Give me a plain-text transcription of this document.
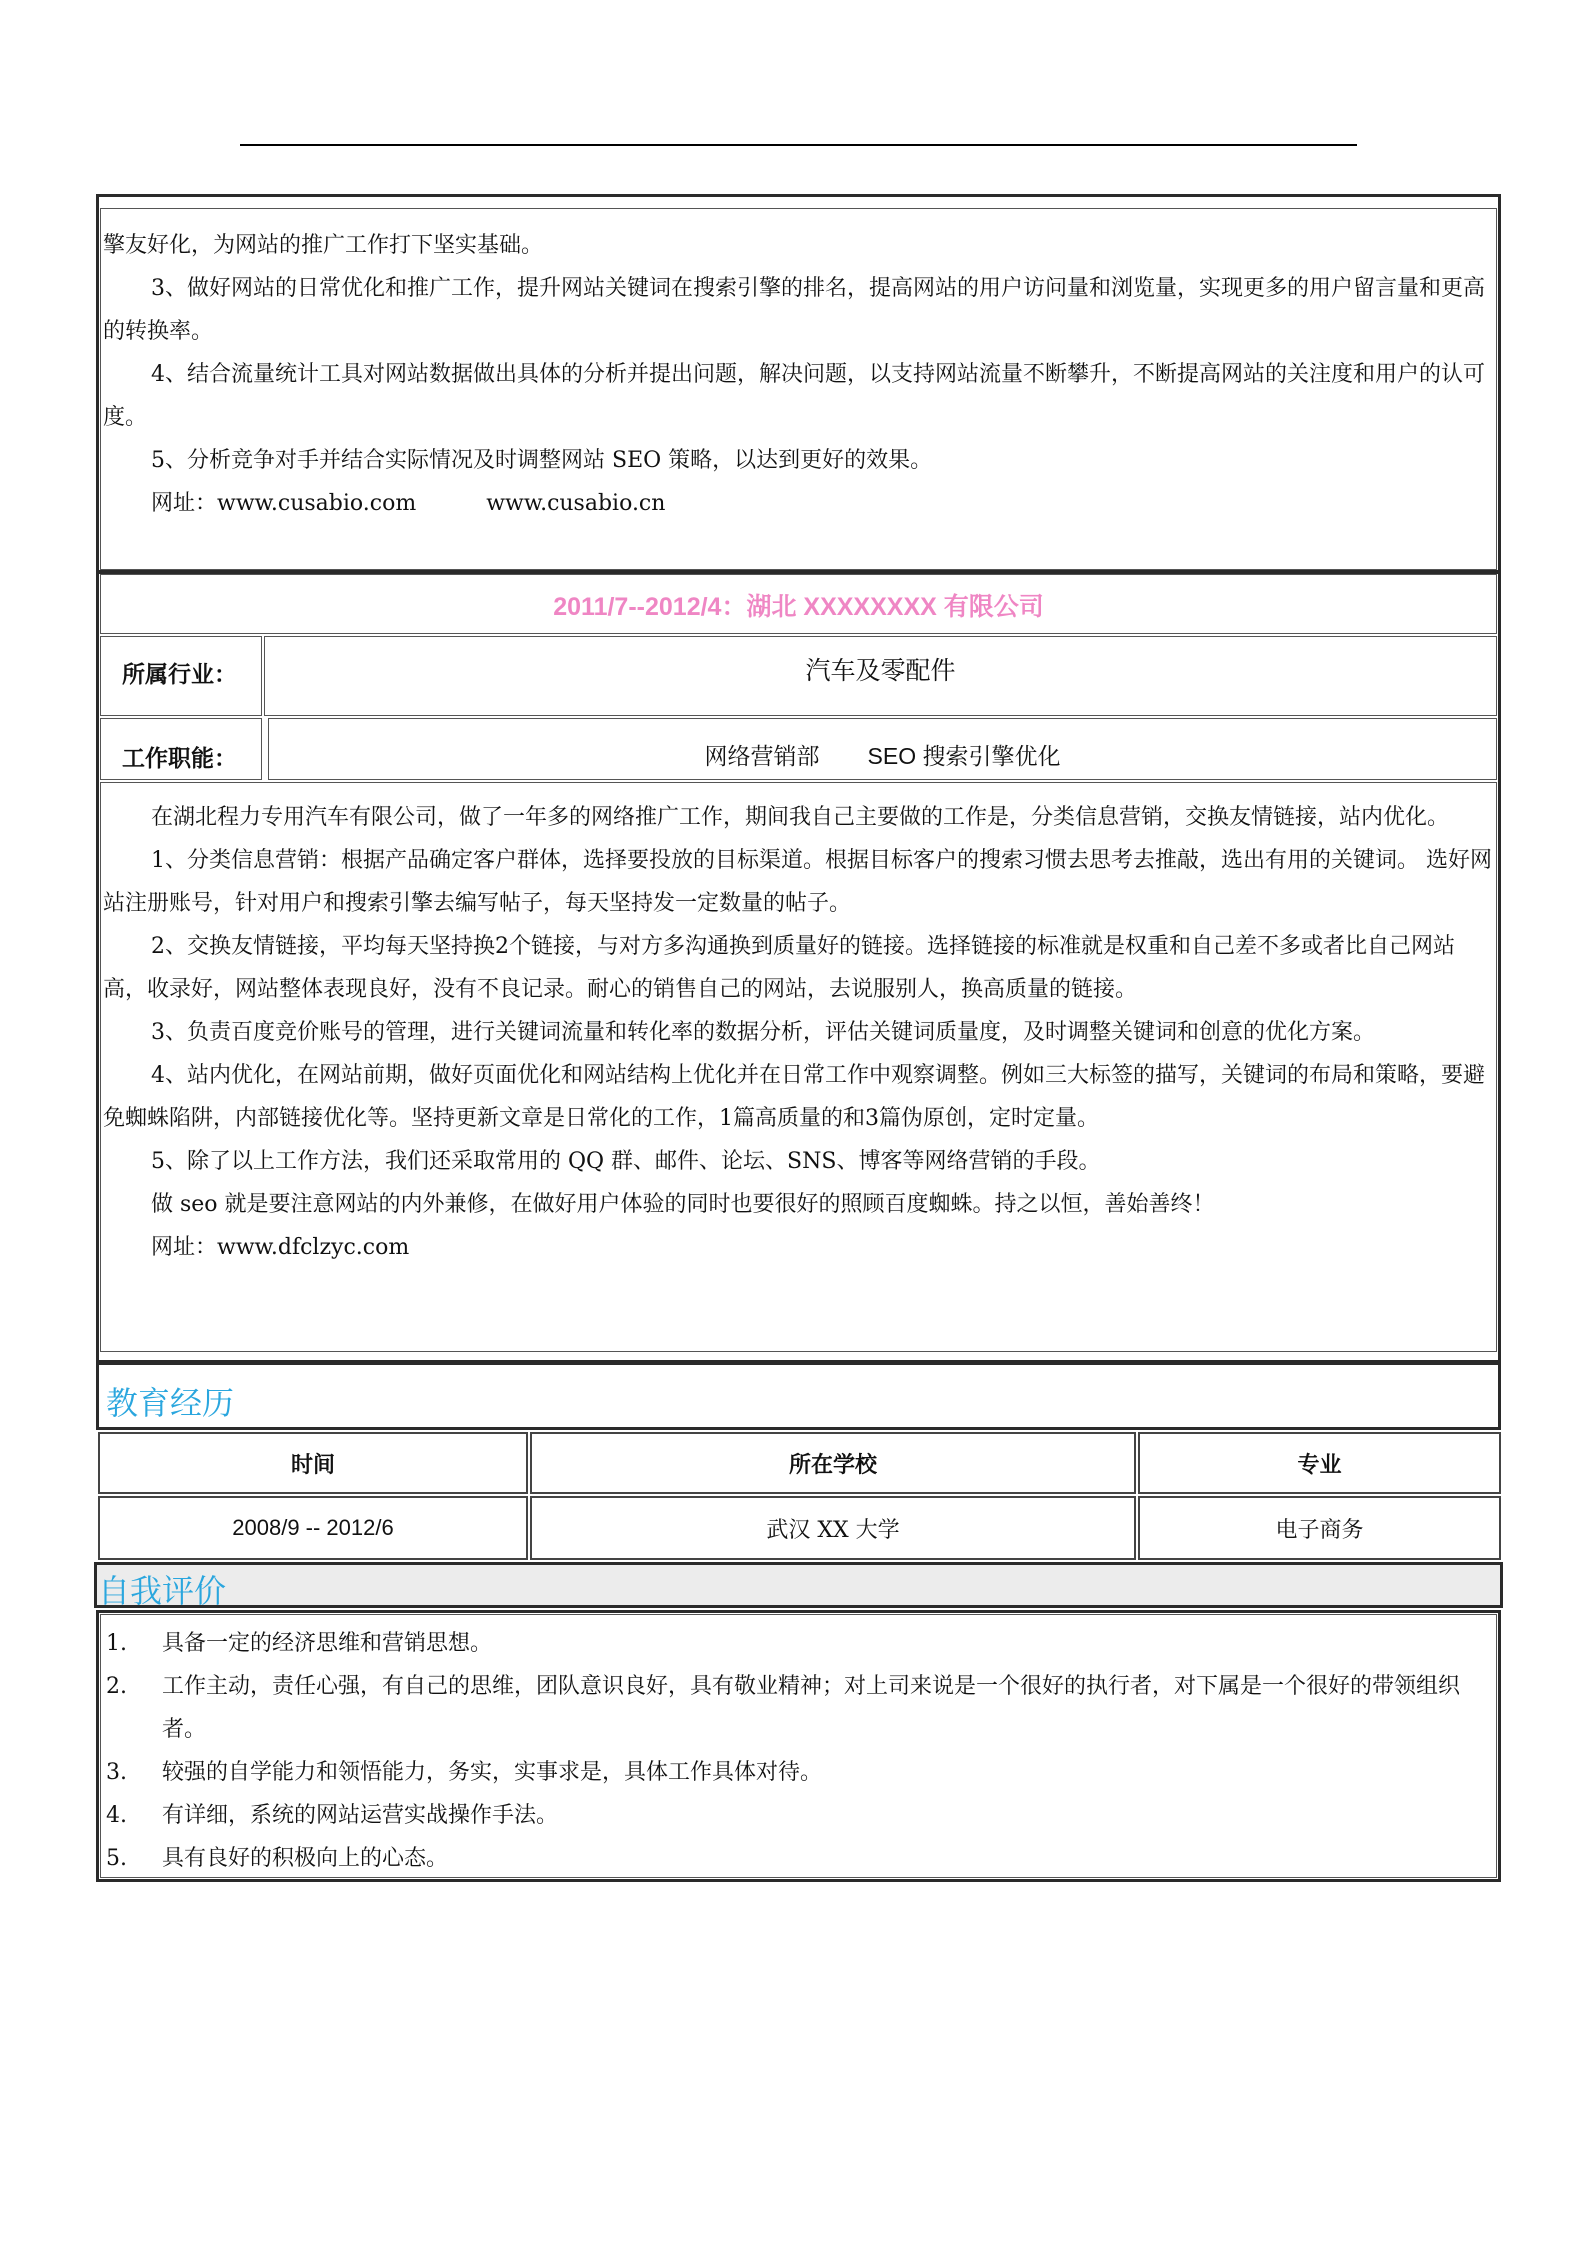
擎友好化，为网站的推广工作打下坚实基础。

3、做好网站的日常优化和推广工作，提升网站关键词在搜索引擎的排名，提高网站的用户访问量和浏览量，实现更多的用户留言量和更高的转换率。

4、结合流量统计工具对网站数据做出具体的分析并提出问题，解决问题，以支持网站流量不断攀升，不断提高网站的关注度和用户的认可度。

5、分析竞争对手并结合实际情况及时调整网站 SEO 策略，以达到更好的效果。

网址：www.cusabio.com	www.cusabio.cn

2011/7--2012/4：湖北 XXXXXXXX 有限公司
所属行业：	汽车及零配件
工作职能：	网络营销部 SEO 搜索引擎优化

在湖北程力专用汽车有限公司，做了一年多的网络推广工作，期间我自己主要做的工作是，分类信息营销，交换友情链接，站内优化。

1、分类信息营销：根据产品确定客户群体，选择要投放的目标渠道。根据目标客户的搜索习惯去思考去推敲，选出有用的关键词。 选好网站注册账号，针对用户和搜索引擎去编写帖子，每天坚持发一定数量的帖子。

2、交换友情链接，平均每天坚持换2个链接，与对方多沟通换到质量好的链接。选择链接的标准就是权重和自己差不多或者比自己网站高，收录好，网站整体表现良好，没有不良记录。耐心的销售自己的网站，去说服别人，换高质量的链接。

3、负责百度竞价账号的管理，进行关键词流量和转化率的数据分析，评估关键词质量度，及时调整关键词和创意的优化方案。

4、站内优化，在网站前期，做好页面优化和网站结构上优化并在日常工作中观察调整。例如三大标签的描写，关键词的布局和策略，要避免蜘蛛陷阱，内部链接优化等。坚持更新文章是日常化的工作，1篇高质量的和3篇伪原创，定时定量。

5、除了以上工作方法，我们还采取常用的 QQ 群、邮件、论坛、SNS、博客等网络营销的手段。

做 seo 就是要注意网站的内外兼修，在做好用户体验的同时也要很好的照顾百度蜘蛛。持之以恒，善始善终！

网址：www.dfclzyc.com

教育经历
时间	所在学校	专业
2008/9 -- 2012/6	武汉 XX 大学	电子商务
自我评价
1.	具备一定的经济思维和营销思想。
2.	工作主动，责任心强，有自己的思维，团队意识良好，具有敬业精神；对上司来说是一个很好的执行者，对下属是一个很好的带领组织者。
3.	较强的自学能力和领悟能力，务实，实事求是，具体工作具体对待。
4.	有详细，系统的网站运营实战操作手法。
5.	具有良好的积极向上的心态。
